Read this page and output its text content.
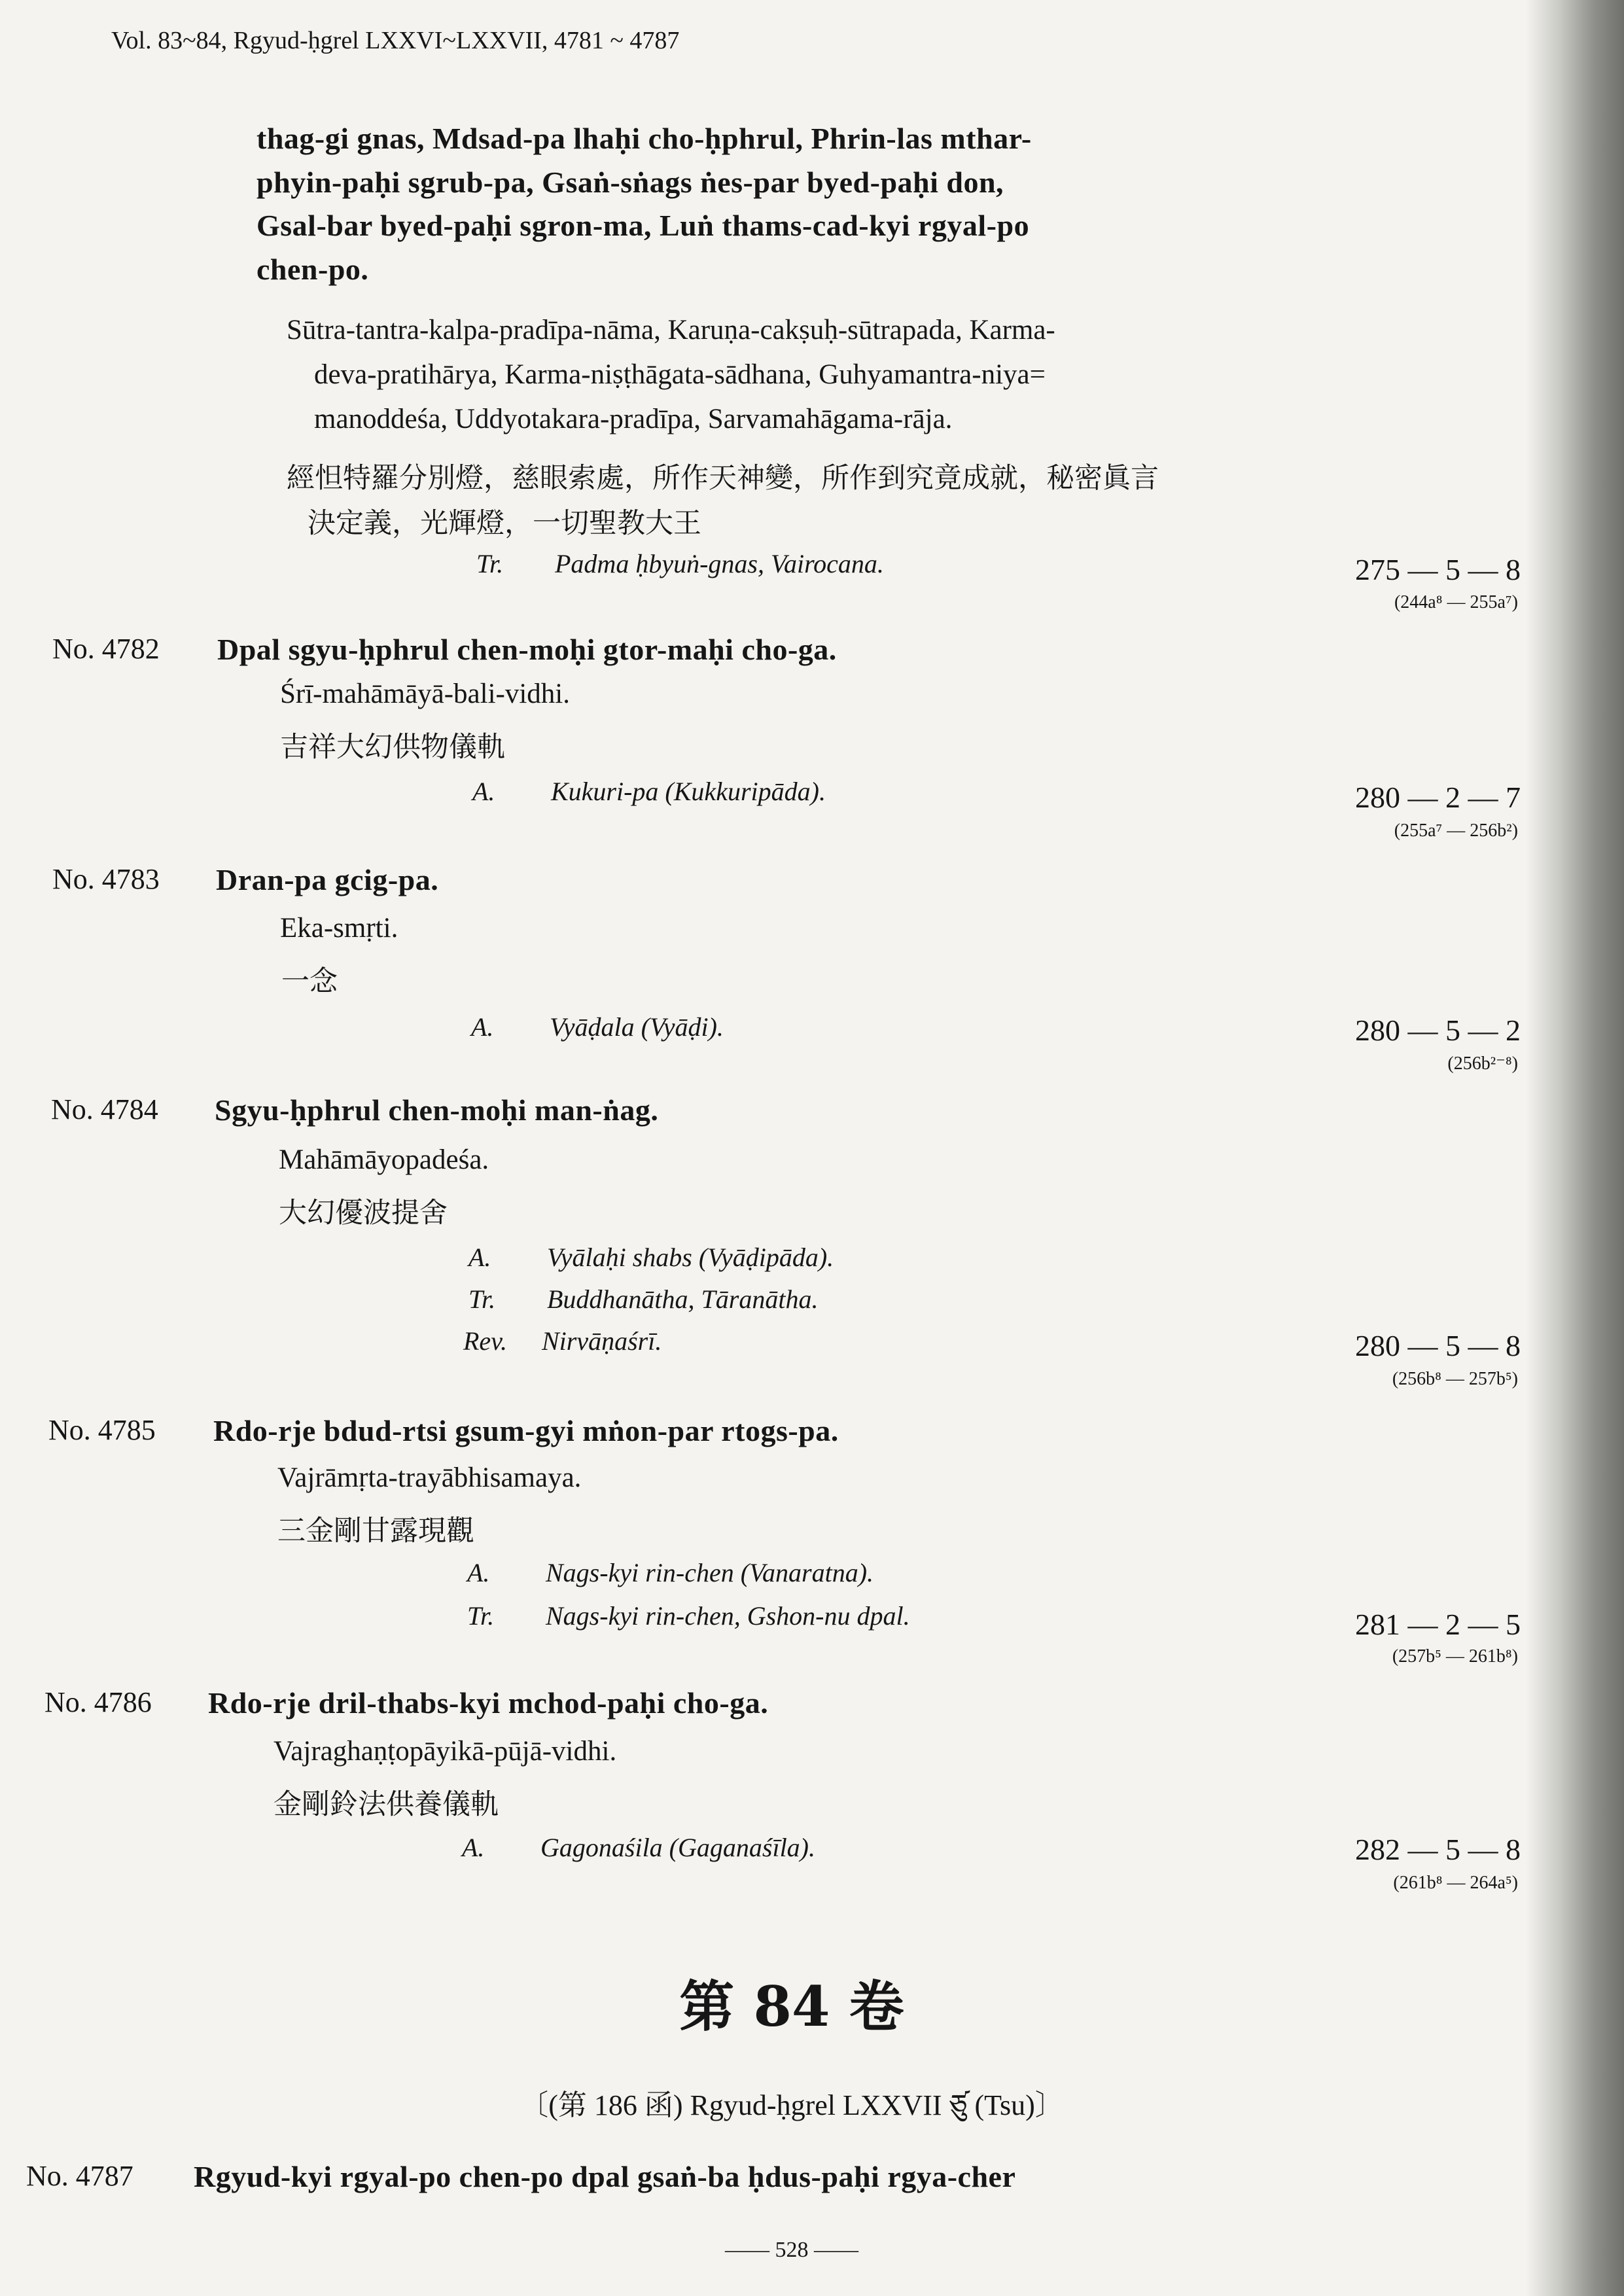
Vol. 83~84, Rgyud-ḥgrel LXXVI~LXXVII, 4781 ~ 4787
thag-gi gnas, Mdsad-pa lhaḥi cho-ḥphrul, Phrin-las mthar-
phyin-paḥi sgrub-pa, Gsaṅ-sṅags ṅes-par byed-paḥi don,
Gsal-bar byed-paḥi sgron-ma, Luṅ thams-cad-kyi rgyal-po
chen-po.
Sūtra-tantra-kalpa-pradīpa-nāma, Karuṇa-cakṣuḥ-sūtrapada, Karma-
deva-pratihārya, Karma-niṣṭhāgata-sādhana, Guhyamantra-niya=
manoddeśa, Uddyotakara-pradīpa, Sarvamahāgama-rāja.
經怛特羅分別燈，慈眼索處，所作天神變，所作到究竟成就，秘密眞言
決定義，光輝燈，一切聖教大王
Tr. Padma ḥbyuṅ-gnas, Vairocana.	275 — 5 — 8
(244a⁸ — 255a⁷)
No. 4782 Dpal sgyu-ḥphrul chen-moḥi gtor-maḥi cho-ga.
Śrī-mahāmāyā-bali-vidhi.
吉祥大幻供物儀軌
A. Kukuri-pa (Kukkuripāda).	280 — 2 — 7
(255a⁷ — 256b²)
No. 4783 Dran-pa gcig-pa.
Eka-smṛti.
一念
A. Vyāḍala (Vyāḍi).	280 — 5 — 2
(256b²⁻⁸)
No. 4784 Sgyu-ḥphrul chen-moḥi man-ṅag.
Mahāmāyopadeśa.
大幻優波提舍
A. Vyālaḥi shabs (Vyāḍipāda).
Tr. Buddhanātha, Tāranātha.
Rev. Nirvāṇaśrī.	280 — 5 — 8
(256b⁸ — 257b⁵)
No. 4785 Rdo-rje bdud-rtsi gsum-gyi mṅon-par rtogs-pa.
Vajrāmṛta-trayābhisamaya.
三金剛甘露現觀
A. Nags-kyi rin-chen (Vanaratna).
Tr. Nags-kyi rin-chen, Gshon-nu dpal.	281 — 2 — 5
(257b⁵ — 261b⁸)
No. 4786 Rdo-rje dril-thabs-kyi mchod-paḥi cho-ga.
Vajraghaṇṭopāyikā-pūjā-vidhi.
金剛鈴法供養儀軌
A. Gagonaśila (Gaganaśīla).	282 — 5 — 8
(261b⁸ — 264a⁵)
第 84 卷
〔(第 186 函) Rgyud-ḥgrel LXXVII ཙུ (Tsu)〕
No. 4787 Rgyud-kyi rgyal-po chen-po dpal gsaṅ-ba ḥdus-paḥi rgya-cher
—— 528 ——
